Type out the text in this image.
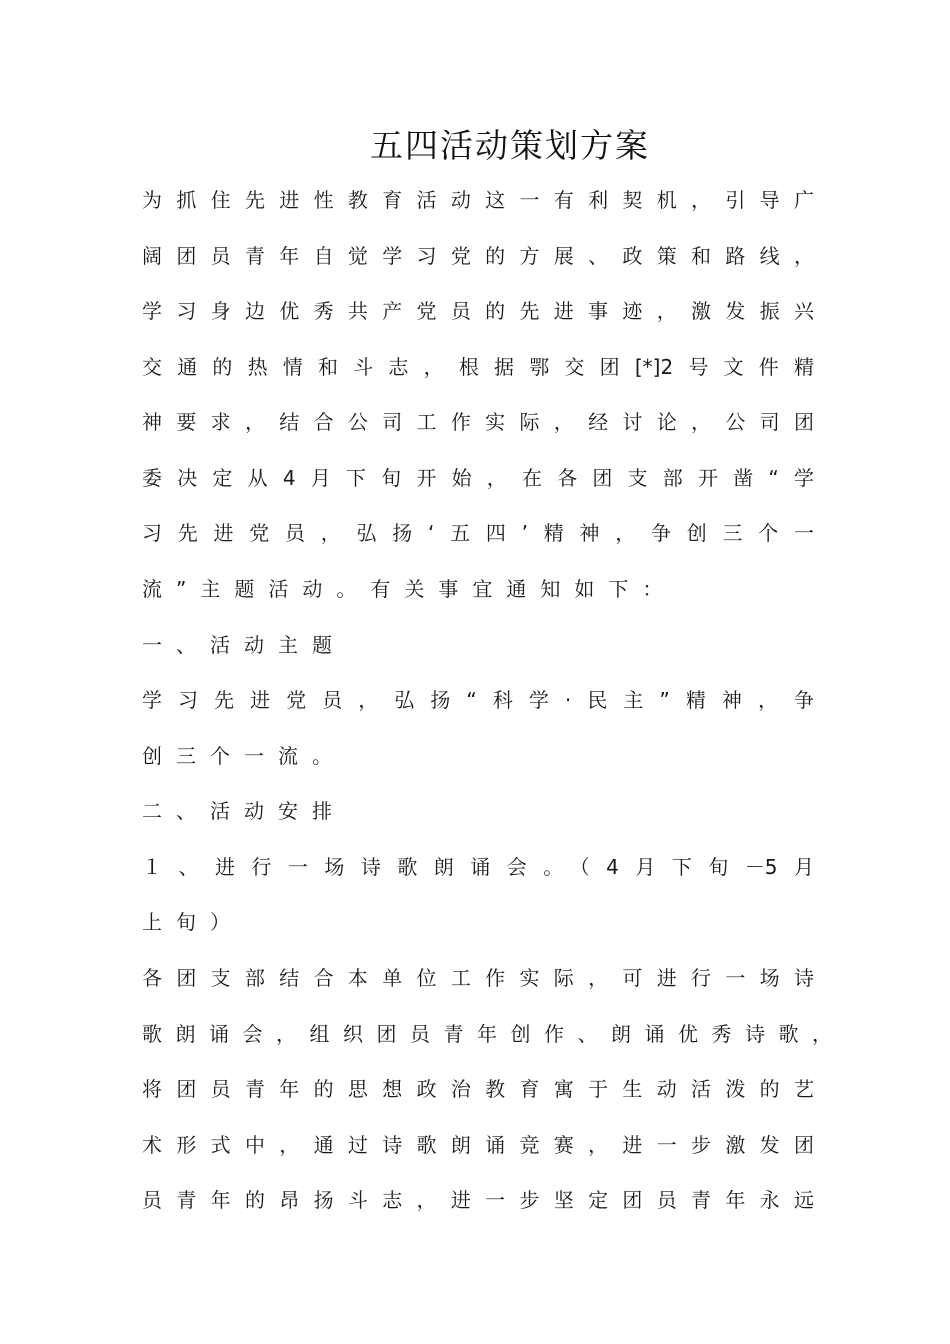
五四活动策划方案
为抓住先进性教育活动这一有利契机，引导广
阔团员青年自觉学习党的方展、政策和路线，
学习身边优秀共产党员的先进事迹，激发振兴
交通的热情和斗志，根据鄂交团[*]2号文件精
神要求，结合公司工作实际，经讨论，公司团
委决定从4月下旬开始，在各团支部开凿“学
习先进党员，弘扬‘五四’精神，争创三个一
流”主题活动。有关事宜通知如下：
一、活动主题
学习先进党员，弘扬“科学·民主”精神，争
创三个一流。
二、活动安排
１、进行一场诗歌朗诵会。（4月下旬－5月
上旬）
各团支部结合本单位工作实际，可进行一场诗
歌朗诵会，组织团员青年创作、朗诵优秀诗歌，
将团员青年的思想政治教育寓于生动活泼的艺
术形式中，通过诗歌朗诵竞赛，进一步激发团
员青年的昂扬斗志，进一步坚定团员青年永远
